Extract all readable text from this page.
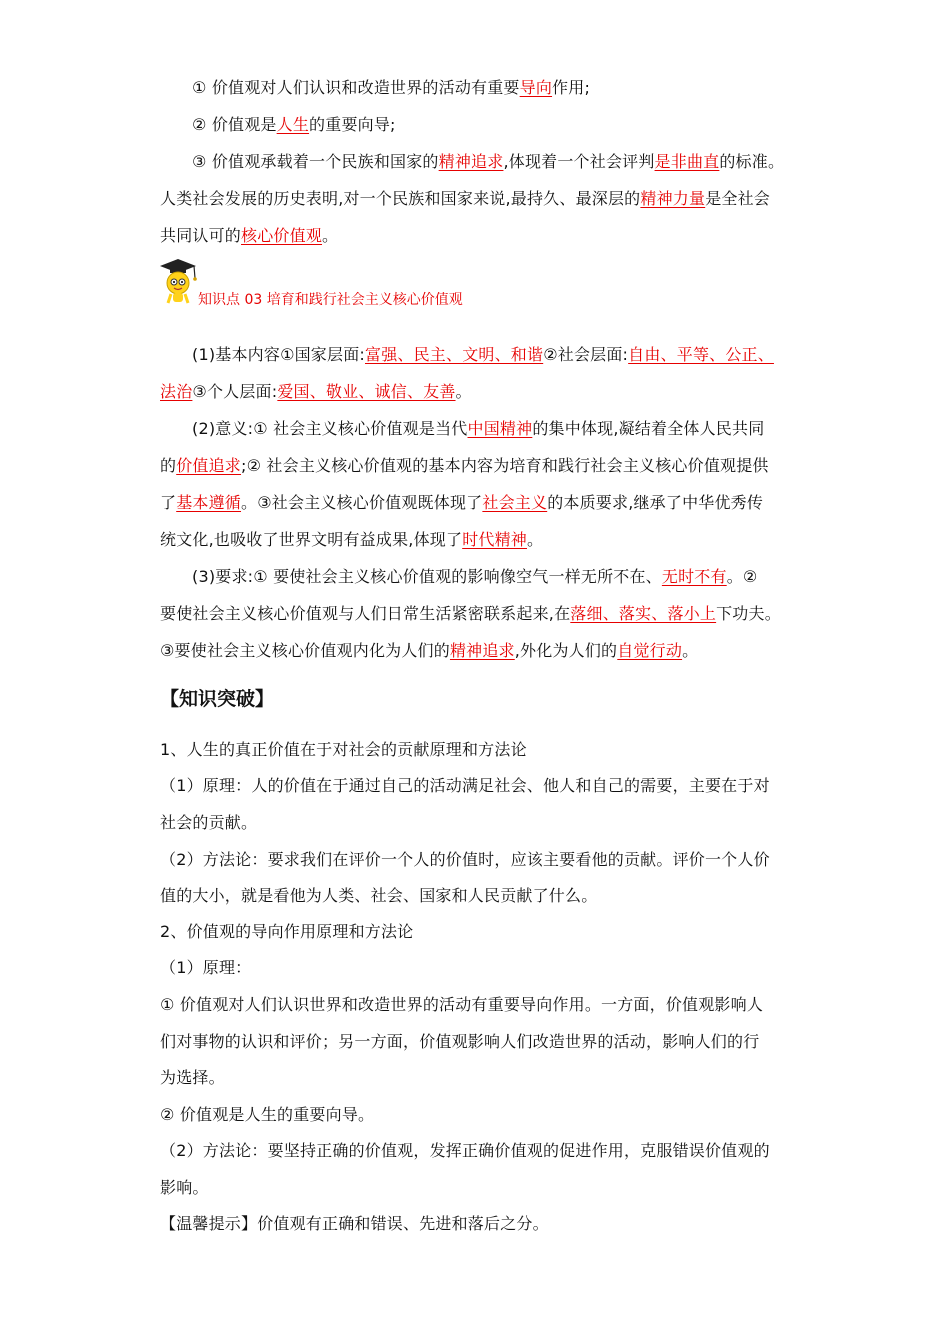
① 价值观对人们认识和改造世界的活动有重要导向作用;
② 价值观是人生的重要向导;
③ 价值观承载着一个民族和国家的精神追求,体现着一个社会评判是非曲直的标准。
人类社会发展的历史表明,对一个民族和国家来说,最持久、最深层的精神力量是全社会
共同认可的核心价值观。
知识点 03 培育和践行社会主义核心价值观
(1)基本内容①国家层面:富强、民主、文明、和谐②社会层面:自由、平等、公正、
法治③个人层面:爱国、敬业、诚信、友善。
(2)意义:① 社会主义核心价值观是当代中国精神的集中体现,凝结着全体人民共同
的价值追求;② 社会主义核心价值观的基本内容为培育和践行社会主义核心价值观提供
了基本遵循。③社会主义核心价值观既体现了社会主义的本质要求,继承了中华优秀传
统文化,也吸收了世界文明有益成果,体现了时代精神。
(3)要求:① 要使社会主义核心价值观的影响像空气一样无所不在、无时不有。②
要使社会主义核心价值观与人们日常生活紧密联系起来,在落细、落实、落小上下功夫。
③要使社会主义核心价值观内化为人们的精神追求,外化为人们的自觉行动。
【知识突破】
1、人生的真正价值在于对社会的贡献原理和方法论
（1）原理：人的价值在于通过自己的活动满足社会、他人和自己的需要，主要在于对
社会的贡献。
（2）方法论：要求我们在评价一个人的价值时，应该主要看他的贡献。评价一个人价
值的大小，就是看他为人类、社会、国家和人民贡献了什么。
2、价值观的导向作用原理和方法论
（1）原理：
① 价值观对人们认识世界和改造世界的活动有重要导向作用。一方面，价值观影响人
们对事物的认识和评价；另一方面，价值观影响人们改造世界的活动，影响人们的行
为选择。
② 价值观是人生的重要向导。
（2）方法论：要坚持正确的价值观，发挥正确价值观的促进作用，克服错误价值观的
影响。
【温馨提示】价值观有正确和错误、先进和落后之分。
